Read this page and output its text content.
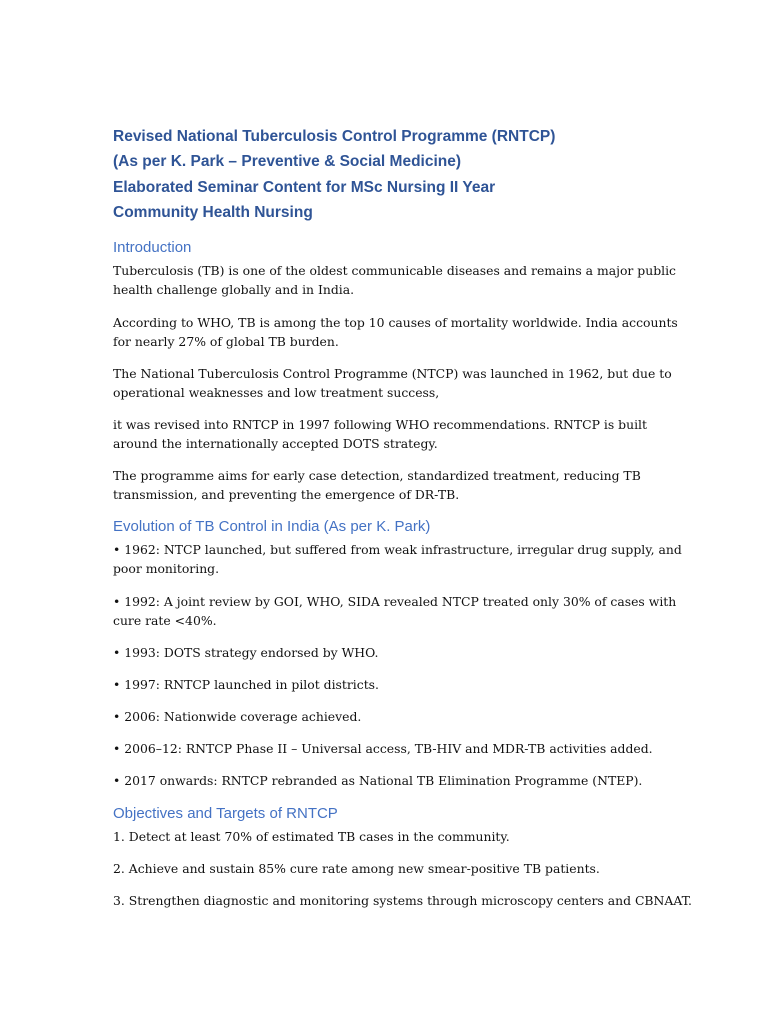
Revised National Tuberculosis Control Programme (RNTCP)
(As per K. Park – Preventive & Social Medicine)
Elaborated Seminar Content for MSc Nursing II Year
Community Health Nursing
Introduction
Tuberculosis (TB) is one of the oldest communicable diseases and remains a major public
health challenge globally and in India.
According to WHO, TB is among the top 10 causes of mortality worldwide. India accounts
for nearly 27% of global TB burden.
The National Tuberculosis Control Programme (NTCP) was launched in 1962, but due to
operational weaknesses and low treatment success,
it was revised into RNTCP in 1997 following WHO recommendations. RNTCP is built
around the internationally accepted DOTS strategy.
The programme aims for early case detection, standardized treatment, reducing TB
transmission, and preventing the emergence of DR-TB.
Evolution of TB Control in India (As per K. Park)
• 1962: NTCP launched, but suffered from weak infrastructure, irregular drug supply, and
poor monitoring.
• 1992: A joint review by GOI, WHO, SIDA revealed NTCP treated only 30% of cases with
cure rate <40%.
• 1993: DOTS strategy endorsed by WHO.
• 1997: RNTCP launched in pilot districts.
• 2006: Nationwide coverage achieved.
• 2006–12: RNTCP Phase II – Universal access, TB-HIV and MDR-TB activities added.
• 2017 onwards: RNTCP rebranded as National TB Elimination Programme (NTEP).
Objectives and Targets of RNTCP
1. Detect at least 70% of estimated TB cases in the community.
2. Achieve and sustain 85% cure rate among new smear-positive TB patients.
3. Strengthen diagnostic and monitoring systems through microscopy centers and CBNAAT.
